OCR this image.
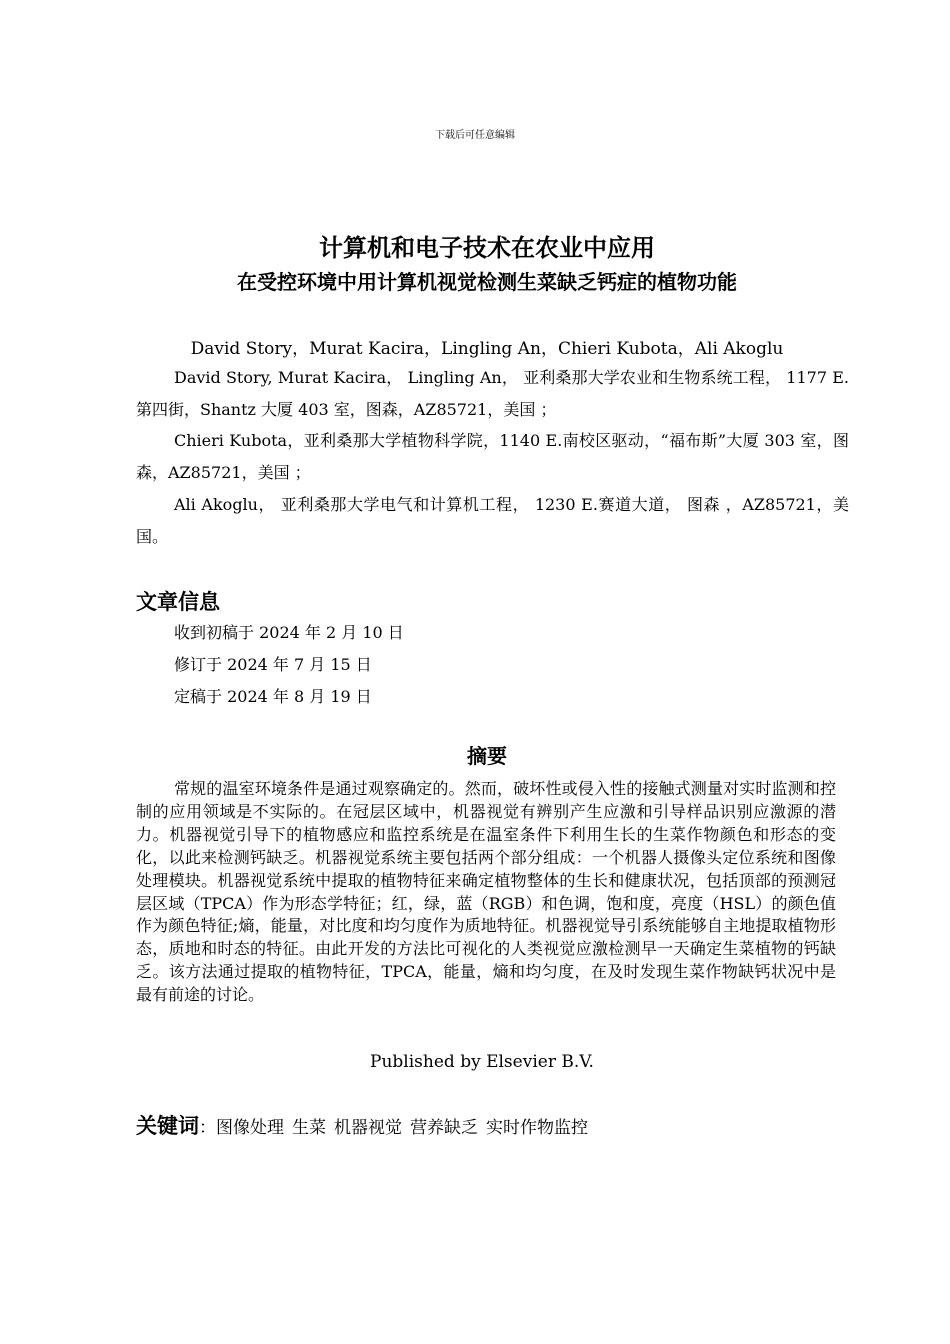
下载后可任意编辑
计算机和电子技术在农业中应用
在受控环境中用计算机视觉检测生菜缺乏钙症的植物功能
David Story，Murat Kacira，Lingling An，Chieri Kubota，Ali Akoglu
David Story, Murat Kacira， Lingling An， 亚利桑那大学农业和生物系统工程， 1177 E.第四街，Shantz 大厦 403 室，图森，AZ85721，美国 ；
Chieri Kubota，亚利桑那大学植物科学院，1140 E.南校区驱动，“福布斯”大厦 303 室，图森，AZ85721，美国 ；
Ali Akoglu， 亚利桑那大学电气和计算机工程， 1230 E.赛道大道， 图森 ，AZ85721，美国。
文章信息
收到初稿于 2024 年 2 月 10 日
修订于 2024 年 7 月 15 日
定稿于 2024 年 8 月 19 日
摘要
常规的温室环境条件是通过观察确定的。然而，破坏性或侵入性的接触式测量对实时监测和控制的应用领域是不实际的。在冠层区域中，机器视觉有辨别产生应激和引导样品识别应激源的潜力。机器视觉引导下的植物感应和监控系统是在温室条件下利用生长的生菜作物颜色和形态的变化，以此来检测钙缺乏。机器视觉系统主要包括两个部分组成：一个机器人摄像头定位系统和图像处理模块。机器视觉系统中提取的植物特征来确定植物整体的生长和健康状况，包括顶部的预测冠层区域（TPCA）作为形态学特征；红，绿，蓝（RGB）和色调，饱和度，亮度（HSL）的颜色值作为颜色特征;熵，能量，对比度和均匀度作为质地特征。机器视觉导引系统能够自主地提取植物形态，质地和时态的特征。由此开发的方法比可视化的人类视觉应激检测早一天确定生菜植物的钙缺乏。该方法通过提取的植物特征，TPCA，能量，熵和均匀度，在及时发现生菜作物缺钙状况中是最有前途的讨论。
Published by Elsevier B.V.
关键词：图像处理 生菜 机器视觉 营养缺乏 实时作物监控
